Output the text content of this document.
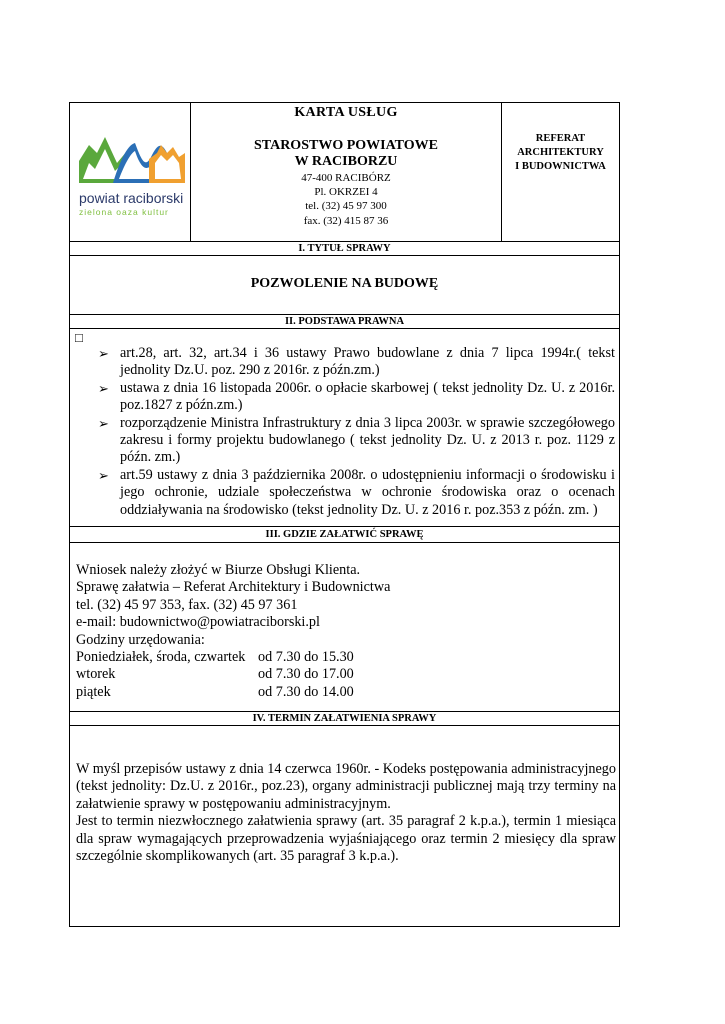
powiat raciborski
zielona oaza kultur
KARTA USŁUG
STAROSTWO POWIATOWE
W RACIBORZU
47-400 RACIBÓRZ
Pl. OKRZEI 4
tel. (32) 45 97 300
fax. (32) 415 87 36
REFERAT
ARCHITEKTURY
I BUDOWNICTWA
I. TYTUŁ SPRAWY
POZWOLENIE NA BUDOWĘ
II. PODSTAWA PRAWNA
□
➢ art.28, art. 32, art.34 i 36 ustawy Prawo budowlane z dnia 7 lipca 1994r.( tekst jednolity Dz.U. poz. 290 z 2016r. z późn.zm.)
➢ ustawa z dnia 16 listopada 2006r. o opłacie skarbowej ( tekst jednolity Dz. U. z 2016r. poz.1827 z późn.zm.)
➢ rozporządzenie Ministra Infrastruktury z dnia 3 lipca 2003r. w sprawie szczegółowego zakresu i formy projektu budowlanego ( tekst jednolity Dz. U. z 2013 r. poz. 1129 z późn. zm.)
➢ art.59 ustawy z dnia 3 października 2008r. o udostępnieniu informacji o środowisku i jego ochronie, udziale społeczeństwa w ochronie środowiska oraz o ocenach oddziaływania na środowisko (tekst jednolity Dz. U. z 2016 r. poz.353 z późn. zm. )
III. GDZIE ZAŁATWIĆ SPRAWĘ
Wniosek należy złożyć w Biurze Obsługi Klienta.
Sprawę załatwia – Referat Architektury i Budownictwa
tel. (32) 45 97 353, fax. (32) 45 97 361
e-mail: budownictwo@powiatraciborski.pl
Godziny urzędowania:
Poniedziałek, środa, czwartek od 7.30 do 15.30
wtorek	od 7.30 do 17.00
piątek	od 7.30 do 14.00
IV. TERMIN ZAŁATWIENIA SPRAWY
W myśl przepisów ustawy z dnia 14 czerwca 1960r. - Kodeks postępowania administracyjnego (tekst jednolity: Dz.U. z 2016r., poz.23), organy administracji publicznej mają trzy terminy na załatwienie sprawy w postępowaniu administracyjnym.
Jest to termin niezwłocznego załatwienia sprawy (art. 35 paragraf 2 k.p.a.), termin 1 miesiąca dla spraw wymagających przeprowadzenia wyjaśniającego oraz termin 2 miesięcy dla spraw szczególnie skomplikowanych (art. 35 paragraf 3 k.p.a.).
